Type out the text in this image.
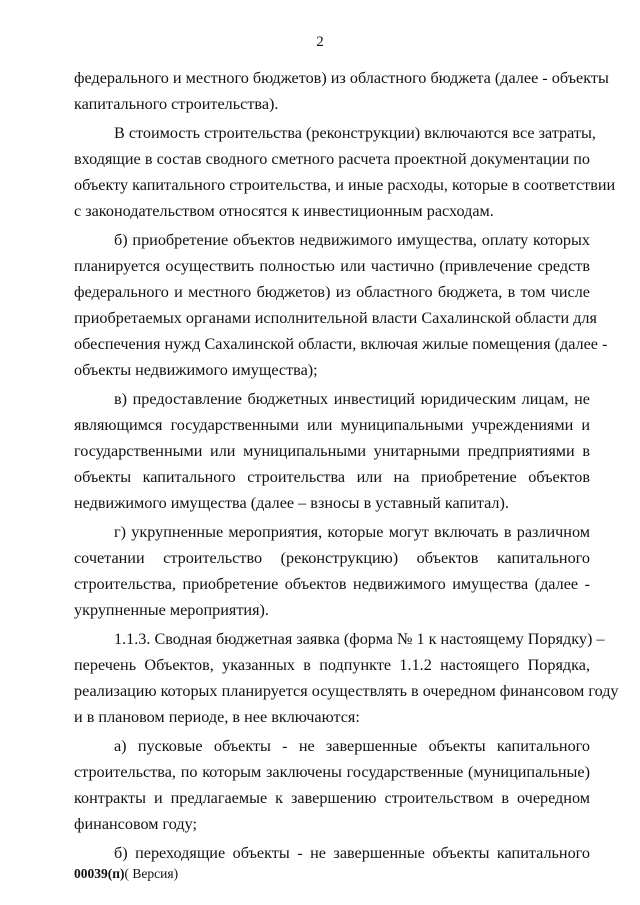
2
федерального и местного бюджетов) из областного бюджета (далее - объекты
капитального строительства).
В стоимость строительства (реконструкции) включаются все затраты,
входящие в состав сводного сметного расчета проектной документации по
объекту капитального строительства, и иные расходы, которые в соответствии
с законодательством относятся к инвестиционным расходам.
б) приобретение объектов недвижимого имущества, оплату которых
планируется осуществить полностью или частично (привлечение средств
федерального и местного бюджетов) из областного бюджета, в том числе
приобретаемых органами исполнительной власти Сахалинской области для
обеспечения нужд Сахалинской области, включая жилые помещения (далее -
объекты недвижимого имущества);
в) предоставление бюджетных инвестиций юридическим лицам, не
являющимся государственными или муниципальными учреждениями и
государственными или муниципальными унитарными предприятиями в
объекты капитального строительства или на приобретение объектов
недвижимого имущества (далее – взносы в уставный капитал).
г) укрупненные мероприятия, которые могут включать в различном
сочетании строительство (реконструкцию) объектов капитального
строительства, приобретение объектов недвижимого имущества (далее -
укрупненные мероприятия).
1.1.3. Сводная бюджетная заявка (форма № 1 к настоящему Порядку) –
перечень Объектов, указанных в подпункте 1.1.2 настоящего Порядка,
реализацию которых планируется осуществлять в очередном финансовом году
и в плановом периоде, в нее включаются:
а) пусковые объекты - не завершенные объекты капитального
строительства, по которым заключены государственные (муниципальные)
контракты и предлагаемые к завершению строительством в очередном
финансовом году;
б) переходящие объекты - не завершенные объекты капитального
00039(п)( Версия)
